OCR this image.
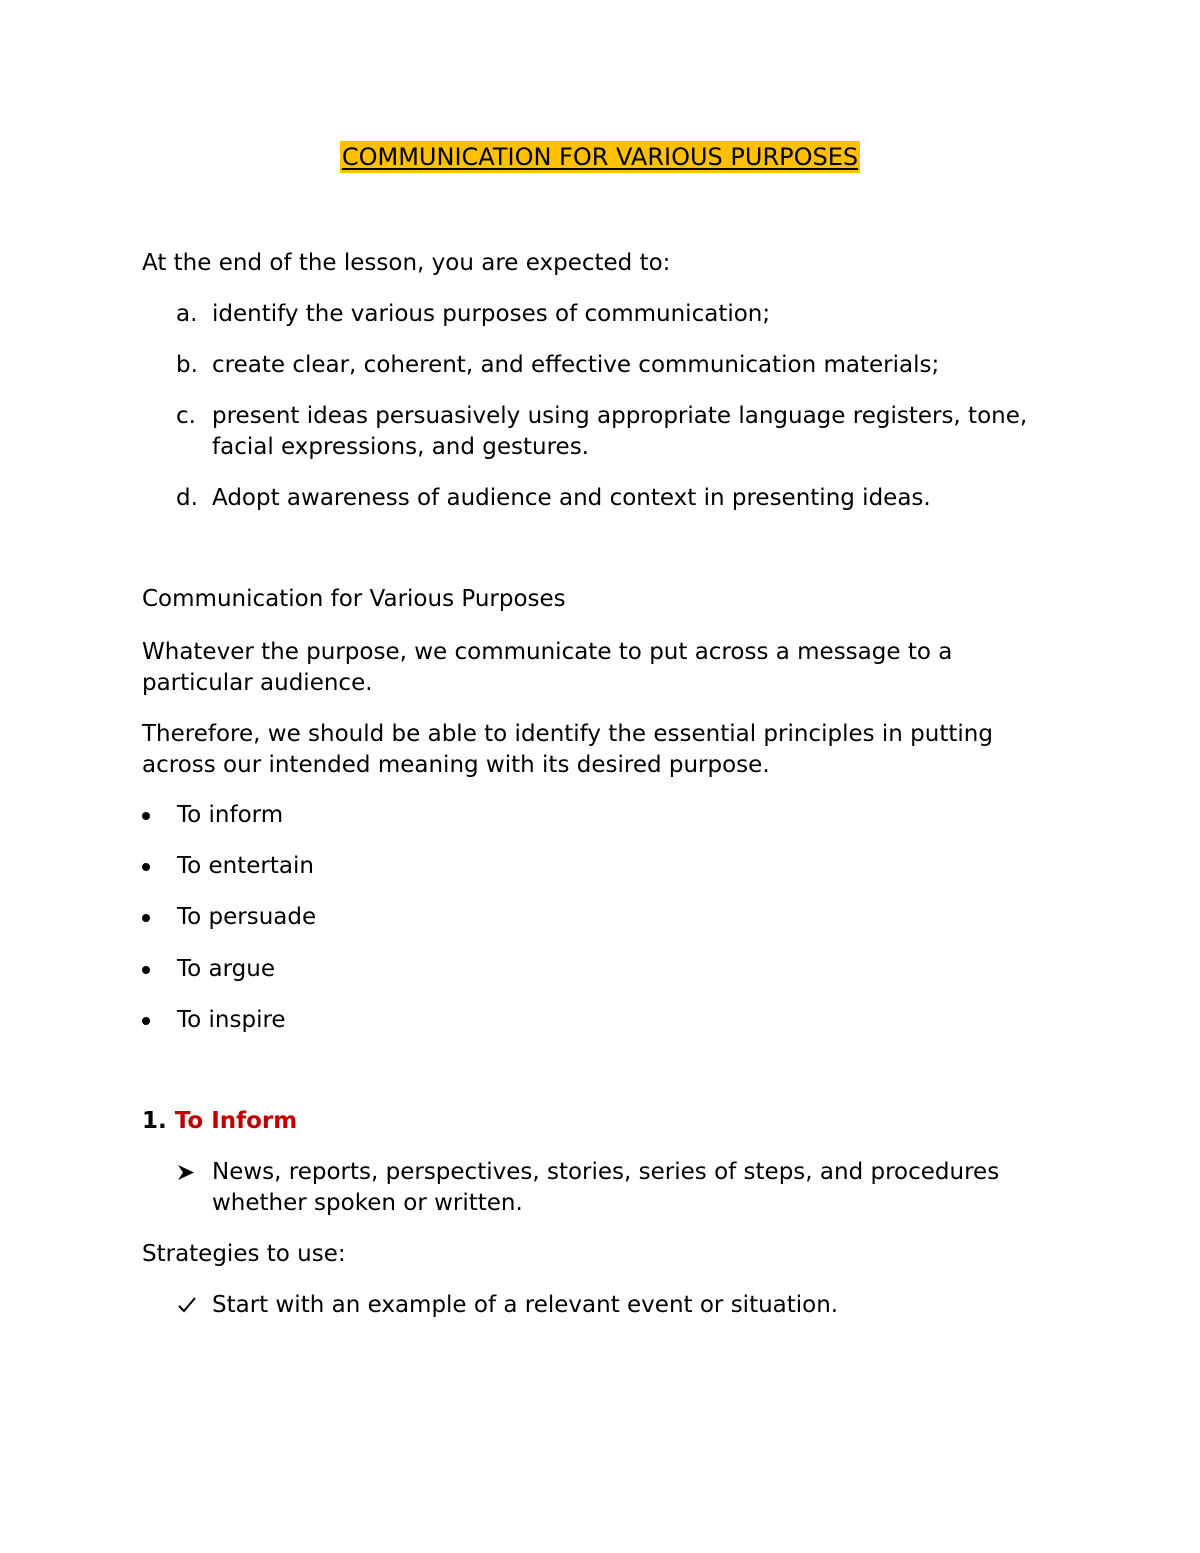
COMMUNICATION FOR VARIOUS PURPOSES
At the end of the lesson, you are expected to:
a. identify the various purposes of communication;
b. create clear, coherent, and effective communication materials;
c. present ideas persuasively using appropriate language registers, tone,
facial expressions, and gestures.
d. Adopt awareness of audience and context in presenting ideas.
Communication for Various Purposes
Whatever the purpose, we communicate to put across a message to a
particular audience.
Therefore, we should be able to identify the essential principles in putting
across our intended meaning with its desired purpose.
To inform
To entertain
To persuade
To argue
To inspire
1. To Inform
News, reports, perspectives, stories, series of steps, and procedures
whether spoken or written.
Strategies to use:
Start with an example of a relevant event or situation.
